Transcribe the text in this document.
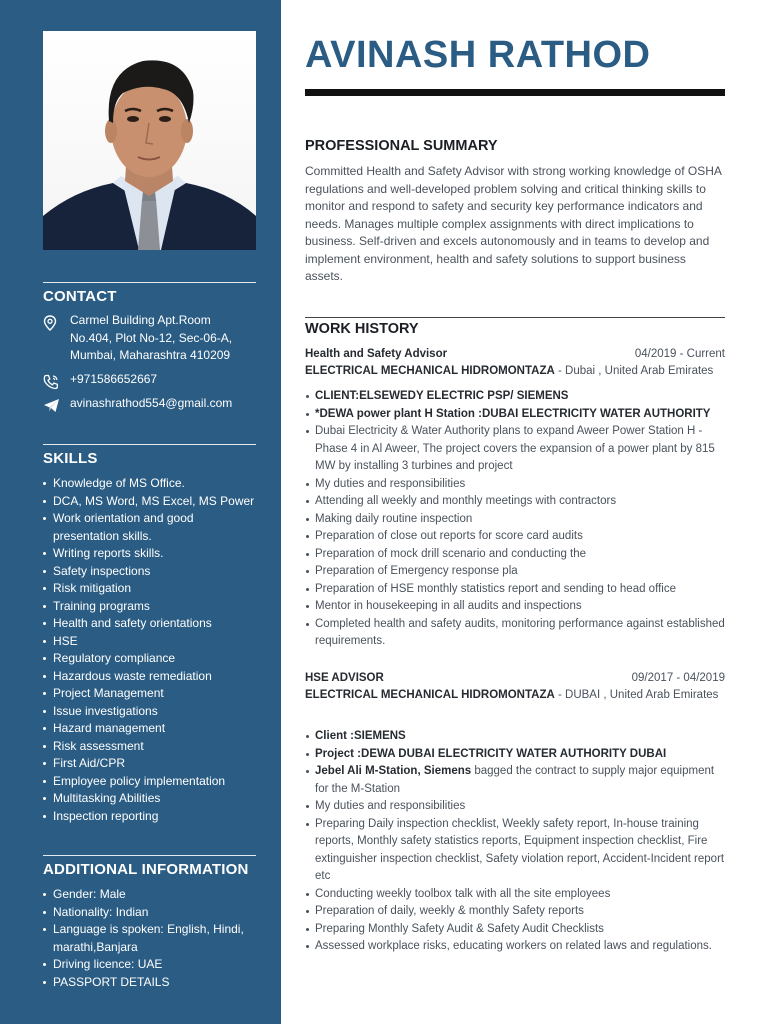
CONTACT
Carmel Building Apt.Room No.404, Plot No-12, Sec-06-A, Mumbai, Maharashtra 410209
+971586652667
avinashrathod554@gmail.com
SKILLS
Knowledge of MS Office.
DCA, MS Word, MS Excel, MS Power
Work orientation and good presentation skills.
Writing reports skills.
Safety inspections
Risk mitigation
Training programs
Health and safety orientations
HSE
Regulatory compliance
Hazardous waste remediation
Project Management
Issue investigations
Hazard management
Risk assessment
First Aid/CPR
Employee policy implementation
Multitasking Abilities
Inspection reporting
ADDITIONAL INFORMATION
Gender: Male
Nationality: Indian
Language is spoken: English, Hindi, marathi,Banjara
Driving licence: UAE
PASSPORT DETAILS
AVINASH RATHOD
PROFESSIONAL SUMMARY
Committed Health and Safety Advisor with strong working knowledge of OSHA regulations and well-developed problem solving and critical thinking skills to monitor and respond to safety and security key performance indicators and needs. Manages multiple complex assignments with direct implications to business. Self-driven and excels autonomously and in teams to develop and implement environment, health and safety solutions to support business assets.
WORK HISTORY
Health and Safety Advisor	04/2019 - Current
ELECTRICAL MECHANICAL HIDROMONTAZA - Dubai , United Arab Emirates
CLIENT:ELSEWEDY ELECTRIC PSP/ SIEMENS
*DEWA power plant H Station :DUBAI ELECTRICITY WATER AUTHORITY
Dubai Electricity & Water Authority plans to expand Aweer Power Station H - Phase 4 in Al Aweer, The project covers the expansion of a power plant by 815 MW by installing 3 turbines and project
My duties and responsibilities
Attending all weekly and monthly meetings with contractors
Making daily routine inspection
Preparation of close out reports for score card audits
Preparation of mock drill scenario and conducting the
Preparation of Emergency response pla
Preparation of HSE monthly statistics report and sending to head office
Mentor in housekeeping in all audits and inspections
Completed health and safety audits, monitoring performance against established requirements.
HSE ADVISOR	09/2017 - 04/2019
ELECTRICAL MECHANICAL HIDROMONTAZA - DUBAI , United Arab Emirates
Client :SIEMENS
Project :DEWA DUBAI ELECTRICITY WATER AUTHORITY DUBAI
Jebel Ali M-Station, Siemens bagged the contract to supply major equipment for the M-Station
My duties and responsibilities
Preparing Daily inspection checklist, Weekly safety report, In-house training reports, Monthly safety statistics reports, Equipment inspection checklist, Fire extinguisher inspection checklist, Safety violation report, Accident-Incident report etc
Conducting weekly toolbox talk with all the site employees
Preparation of daily, weekly & monthly Safety reports
Preparing Monthly Safety Audit & Safety Audit Checklists
Assessed workplace risks, educating workers on related laws and regulations.
